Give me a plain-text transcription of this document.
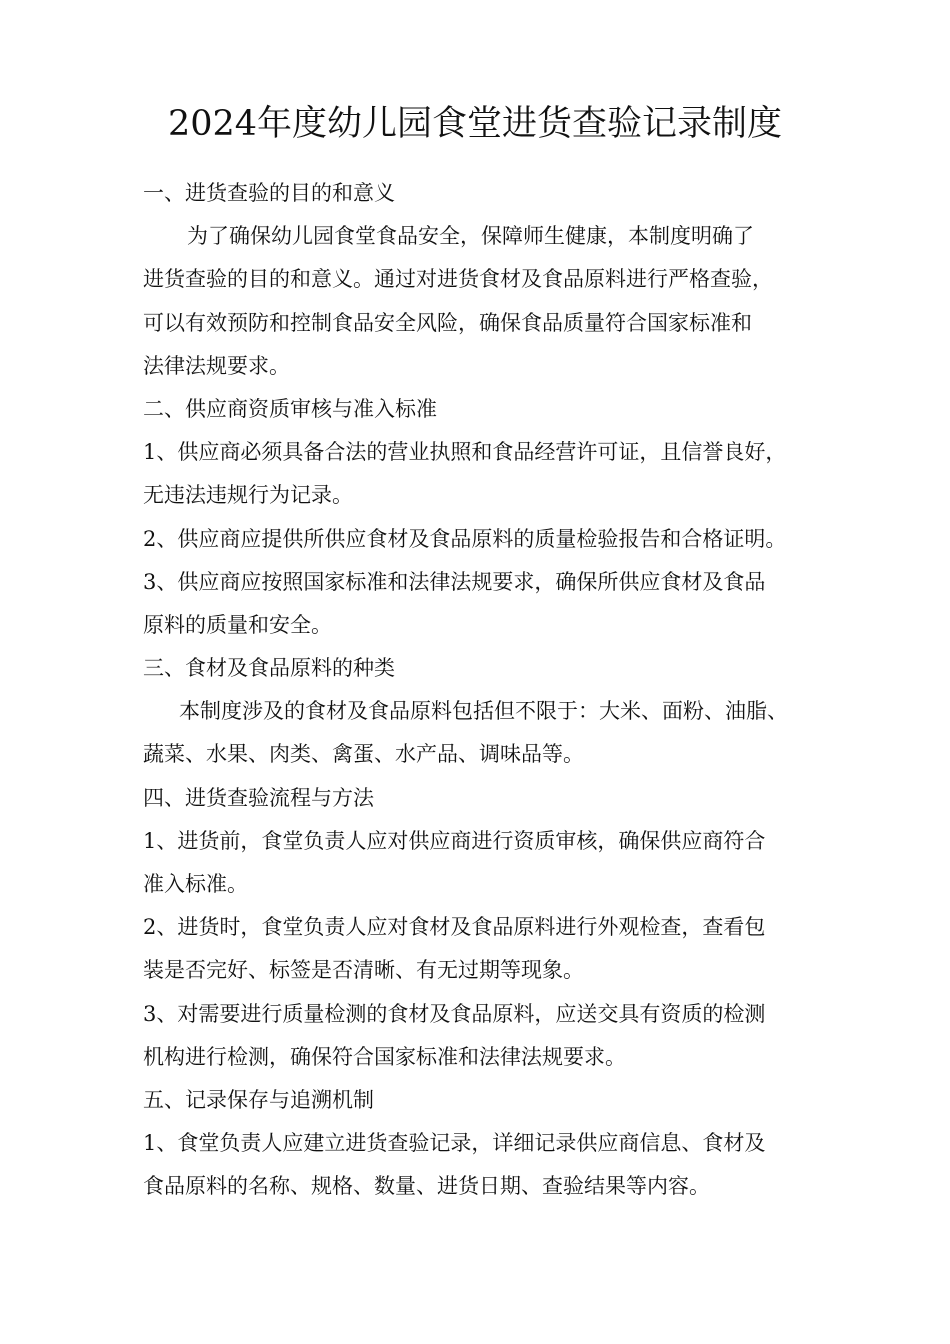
2024年度幼儿园食堂进货查验记录制度
一、进货查验的目的和意义
为了确保幼儿园食堂食品安全，保障师生健康，本制度明确了
进货查验的目的和意义。通过对进货食材及食品原料进行严格查验，
可以有效预防和控制食品安全风险，确保食品质量符合国家标准和
法律法规要求。
二、供应商资质审核与准入标准
1、供应商必须具备合法的营业执照和食品经营许可证，且信誉良好，
无违法违规行为记录。
2、供应商应提供所供应食材及食品原料的质量检验报告和合格证明。
3、供应商应按照国家标准和法律法规要求，确保所供应食材及食品
原料的质量和安全。
三、食材及食品原料的种类
本制度涉及的食材及食品原料包括但不限于：大米、面粉、油脂、
蔬菜、水果、肉类、禽蛋、水产品、调味品等。
四、进货查验流程与方法
1、进货前，食堂负责人应对供应商进行资质审核，确保供应商符合
准入标准。
2、进货时，食堂负责人应对食材及食品原料进行外观检查，查看包
装是否完好、标签是否清晰、有无过期等现象。
3、对需要进行质量检测的食材及食品原料，应送交具有资质的检测
机构进行检测，确保符合国家标准和法律法规要求。
五、记录保存与追溯机制
1、食堂负责人应建立进货查验记录，详细记录供应商信息、食材及
食品原料的名称、规格、数量、进货日期、查验结果等内容。
